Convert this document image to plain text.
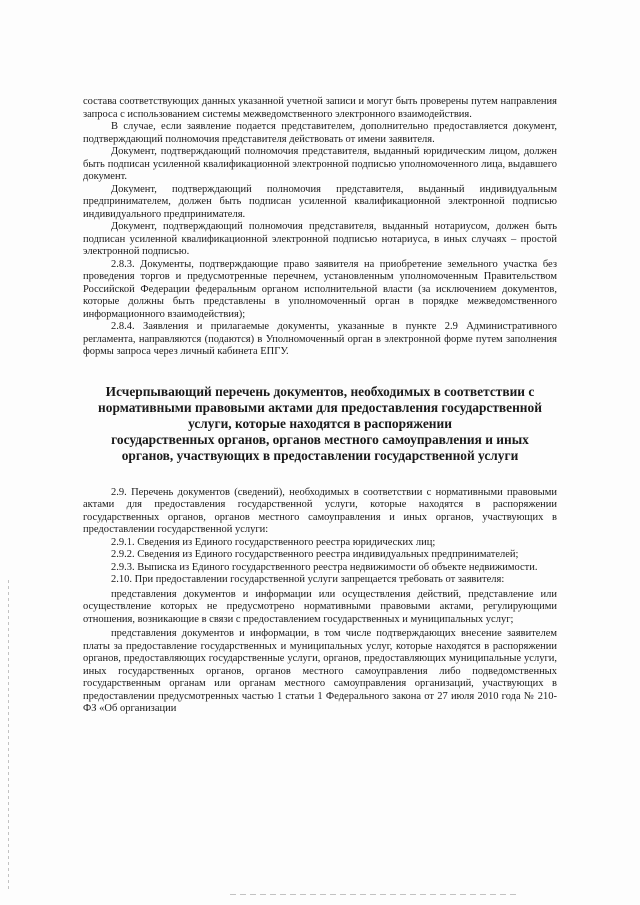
состава соответствующих данных указанной учетной записи и могут быть проверены путем направления запроса с использованием системы межведомственного электронного взаимодействия.

В случае, если заявление подается представителем, дополнительно предоставляется документ, подтверждающий полномочия представителя действовать от имени заявителя.

Документ, подтверждающий полномочия представителя, выданный юридическим лицом, должен быть подписан усиленной квалификационной электронной подписью уполномоченного лица, выдавшего документ.

Документ, подтверждающий полномочия представителя, выданный индивидуальным предпринимателем, должен быть подписан усиленной квалификационной электронной подписью индивидуального предпринимателя.

Документ, подтверждающий полномочия представителя, выданный нотариусом, должен быть подписан усиленной квалификационной электронной подписью нотариуса, в иных случаях – простой электронной подписью.

2.8.3. Документы, подтверждающие право заявителя на приобретение земельного участка без проведения торгов и предусмотренные перечнем, установленным уполномоченным Правительством Российской Федерации федеральным органом исполнительной власти (за исключением документов, которые должны быть представлены в уполномоченный орган в порядке межведомственного информационного взаимодействия);

2.8.4. Заявления и прилагаемые документы, указанные в пункте 2.9 Административного регламента, направляются (подаются) в Уполномоченный орган в электронной форме путем заполнения формы запроса через личный кабинета ЕПГУ.

Исчерпывающий перечень документов, необходимых в соответствии с
нормативными правовыми актами для предоставления государственной
услуги, которые находятся в распоряжении
государственных органов, органов местного самоуправления и иных
органов, участвующих в предоставлении государственной услуги

2.9. Перечень документов (сведений), необходимых в соответствии с нормативными правовыми актами для предоставления государственной услуги, которые находятся в распоряжении государственных органов, органов местного самоуправления и иных органов, участвующих в предоставлении государственной услуги:

2.9.1. Сведения из Единого государственного реестра юридических лиц;

2.9.2. Сведения из Единого государственного реестра индивидуальных предпринимателей;

2.9.3. Выписка из Единого государственного реестра недвижимости об объекте недвижимости.

2.10. При предоставлении государственной услуги запрещается требовать от заявителя:

представления документов и информации или осуществления действий, представление или осуществление которых не предусмотрено нормативными правовыми актами, регулирующими отношения, возникающие в связи с предоставлением государственных и муниципальных услуг;

представления документов и информации, в том числе подтверждающих внесение заявителем платы за предоставление государственных и муниципальных услуг, которые находятся в распоряжении органов, предоставляющих государственные услуги, органов, предоставляющих муниципальные услуги, иных государственных органов, органов местного самоуправления либо подведомственных государственным органам или органам местного самоуправления организаций, участвующих в предоставлении предусмотренных частью 1 статьи 1 Федерального закона от 27 июля 2010 года № 210-ФЗ «Об организации
